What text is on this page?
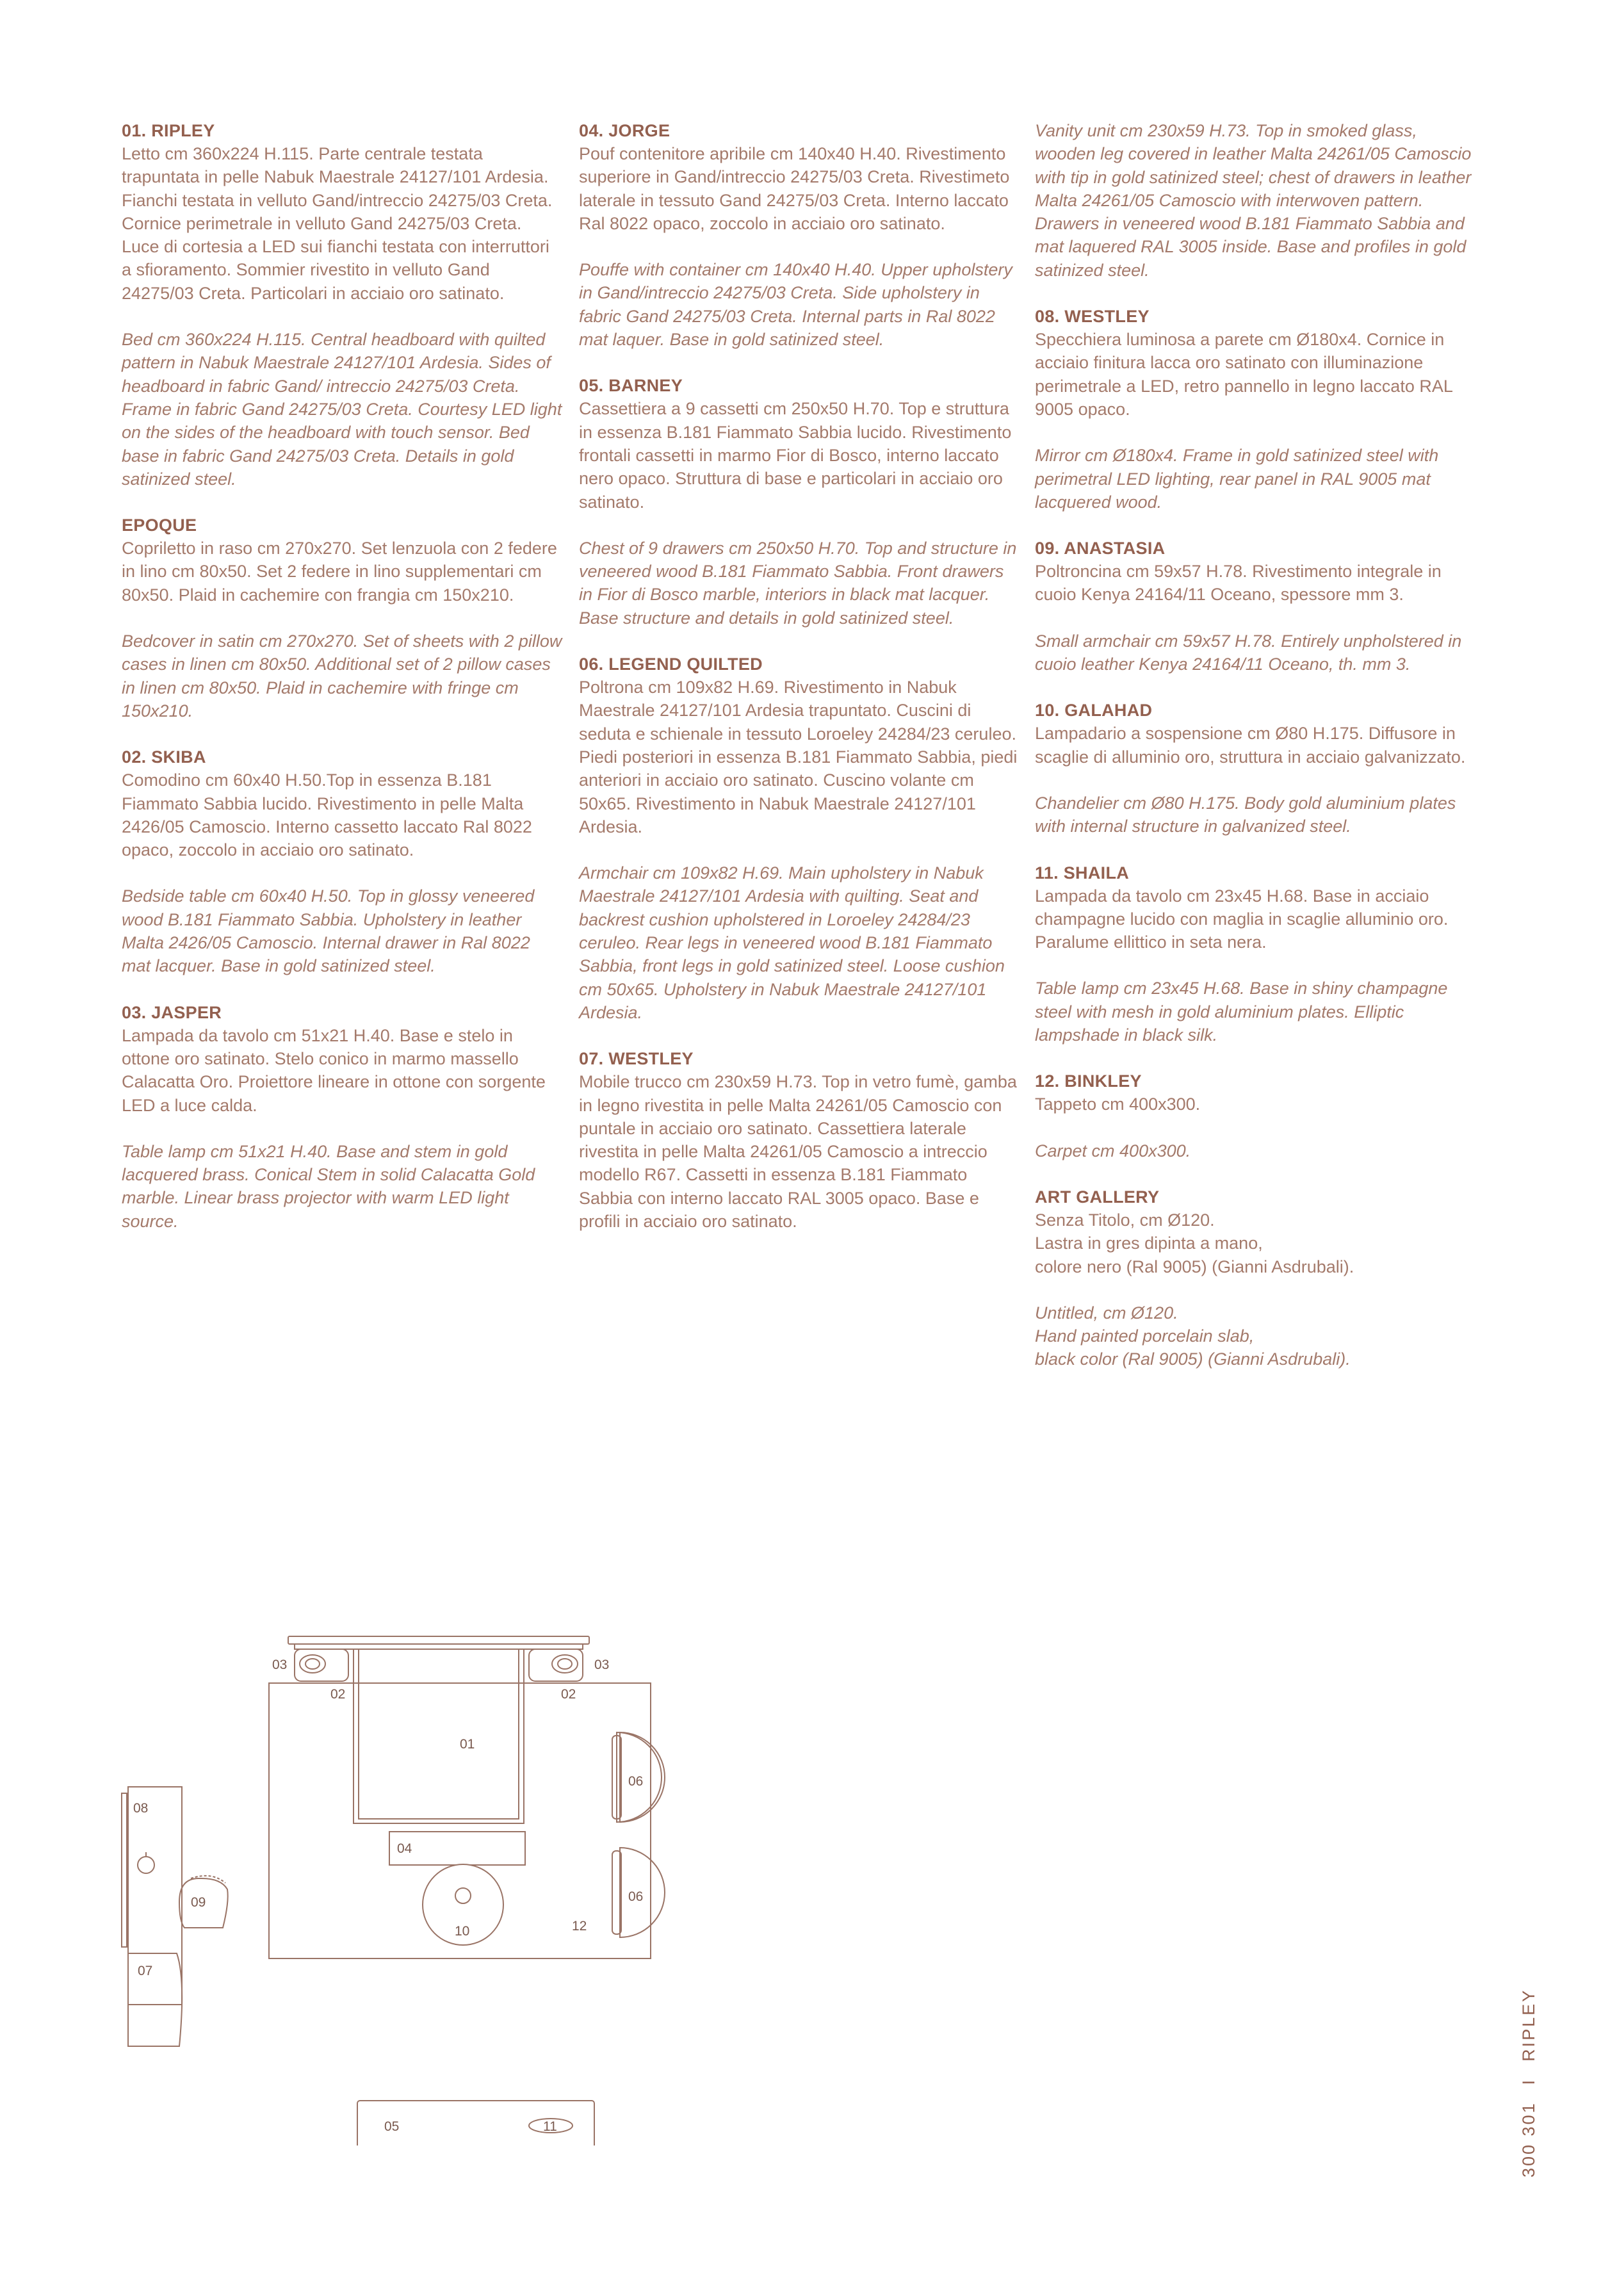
01. RIPLEY

Letto cm 360x224 H.115. Parte centrale testata trapuntata in pelle Nabuk Maestrale 24127/101 Ardesia. Fianchi testata in velluto Gand/intreccio 24275/03 Creta. Cornice perimetrale in velluto Gand 24275/03 Creta. Luce di cortesia a LED sui fianchi testata con interruttori a sfioramento. Sommier rivestito in velluto Gand 24275/03 Creta. Particolari in acciaio oro satinato.

Bed cm 360x224 H.115. Central headboard with quilted pattern in Nabuk Maestrale 24127/101 Ardesia. Sides of headboard in fabric Gand/ intreccio 24275/03 Creta. Frame in fabric Gand 24275/03 Creta. Courtesy LED light on the sides of the headboard with touch sensor. Bed base in fabric Gand 24275/03 Creta. Details in gold satinized steel.

EPOQUE

Copriletto in raso cm 270x270. Set lenzuola con 2 federe in lino cm 80x50. Set 2 federe in lino supplementari cm 80x50. Plaid in cachemire con frangia cm 150x210.

Bedcover in satin cm 270x270. Set of sheets with 2 pillow cases in linen cm 80x50. Additional set of 2 pillow cases in linen cm 80x50. Plaid in cachemire with fringe cm 150x210.

02. SKIBA

Comodino cm 60x40 H.50.Top in essenza B.181 Fiammato Sabbia lucido. Rivestimento in pelle Malta 2426/05 Camoscio. Interno cassetto laccato Ral 8022 opaco, zoccolo in acciaio oro satinato.

Bedside table cm 60x40 H.50. Top in glossy veneered wood B.181 Fiammato Sabbia. Upholstery in leather Malta 2426/05 Camoscio. Internal drawer in Ral 8022 mat lacquer. Base in gold satinized steel.

03. JASPER

Lampada da tavolo cm 51x21 H.40. Base e stelo in ottone oro satinato. Stelo conico in marmo massello Calacatta Oro. Proiettore lineare in ottone con sorgente LED a luce calda.

Table lamp cm 51x21 H.40. Base and stem in gold lacquered brass. Conical Stem in solid Calacatta Gold marble. Linear brass projector with warm LED light source.

04. JORGE

Pouf contenitore apribile cm 140x40 H.40. Rivestimento superiore in Gand/intreccio 24275/03 Creta. Rivestimeto laterale in tessuto Gand 24275/03 Creta. Interno laccato Ral 8022 opaco, zoccolo in acciaio oro satinato.

Pouffe with container cm 140x40 H.40. Upper upholstery in Gand/intreccio 24275/03 Creta. Side upholstery in fabric Gand 24275/03 Creta. Internal parts in Ral 8022 mat laquer. Base in gold satinized steel.

05. BARNEY

Cassettiera a 9 cassetti cm 250x50 H.70. Top e struttura in essenza B.181 Fiammato Sabbia lucido. Rivestimento frontali cassetti in marmo Fior di Bosco, interno laccato nero opaco. Struttura di base e particolari in acciaio oro satinato.

Chest of 9 drawers cm 250x50 H.70. Top and structure in veneered wood B.181 Fiammato Sabbia. Front drawers in Fior di Bosco marble, interiors in black mat lacquer. Base structure and details in gold satinized steel.

06. LEGEND QUILTED

Poltrona cm 109x82 H.69. Rivestimento in Nabuk Maestrale 24127/101 Ardesia trapuntato. Cuscini di seduta e schienale in tessuto Loroeley 24284/23 ceruleo. Piedi posteriori in essenza B.181 Fiammato Sabbia, piedi anteriori in acciaio oro satinato. Cuscino volante cm 50x65. Rivestimento in Nabuk Maestrale 24127/101 Ardesia.

Armchair cm 109x82 H.69. Main upholstery in Nabuk Maestrale 24127/101 Ardesia with quilting. Seat and backrest cushion upholstered in Loroeley 24284/23 ceruleo. Rear legs in veneered wood B.181 Fiammato Sabbia, front legs in gold satinized steel. Loose cushion cm 50x65. Upholstery in Nabuk Maestrale 24127/101 Ardesia.

07. WESTLEY

Mobile trucco cm 230x59 H.73. Top in vetro fumè, gamba in legno rivestita in pelle Malta 24261/05 Camoscio con puntale in acciaio oro satinato. Cassettiera laterale rivestita in pelle Malta 24261/05 Camoscio a intreccio modello R67. Cassetti in essenza B.181 Fiammato Sabbia con interno laccato RAL 3005 opaco. Base e profili in acciaio oro satinato.

Vanity unit cm 230x59 H.73. Top in smoked glass, wooden leg covered in leather Malta 24261/05 Camoscio with tip in gold satinized steel; chest of drawers in leather Malta 24261/05 Camoscio with interwoven pattern. Drawers in veneered wood B.181 Fiammato Sabbia and mat laquered RAL 3005 inside. Base and profiles in gold satinized steel.

08. WESTLEY

Specchiera luminosa a parete cm Ø180x4. Cornice in acciaio finitura lacca oro satinato con illuminazione perimetrale a LED, retro pannello in legno laccato RAL 9005 opaco.

Mirror cm Ø180x4. Frame in gold satinized steel with perimetral LED lighting, rear panel in RAL 9005 mat lacquered wood.

09. ANASTASIA

Poltroncina cm 59x57 H.78. Rivestimento integrale in cuoio Kenya 24164/11 Oceano, spessore mm 3.

Small armchair cm 59x57 H.78. Entirely unpholstered in cuoio leather Kenya 24164/11 Oceano, th. mm 3.

10. GALAHAD

Lampadario a sospensione cm Ø80 H.175. Diffusore in scaglie di alluminio oro, struttura in acciaio galvanizzato.

Chandelier cm Ø80 H.175. Body gold aluminium plates with internal structure in galvanized steel.

11. SHAILA

Lampada da tavolo cm 23x45 H.68. Base in acciaio champagne lucido con maglia in scaglie alluminio oro. Paralume ellittico in seta nera.

Table lamp cm 23x45 H.68. Base in shiny champagne steel with mesh in gold aluminium plates. Elliptic lampshade in black silk.

12. BINKLEY

Tappeto cm 400x300.

Carpet cm 400x300.

ART GALLERY

Senza Titolo, cm Ø120.
Lastra in gres dipinta a mano,
colore nero (Ral 9005) (Gianni Asdrubali).

Untitled, cm Ø120.
Hand painted porcelain slab,
black color (Ral 9005) (Gianni Asdrubali).

01
02	02
03	03
04
05
06
06
07
08
09
10
11
12
300 301IRIPLEY
